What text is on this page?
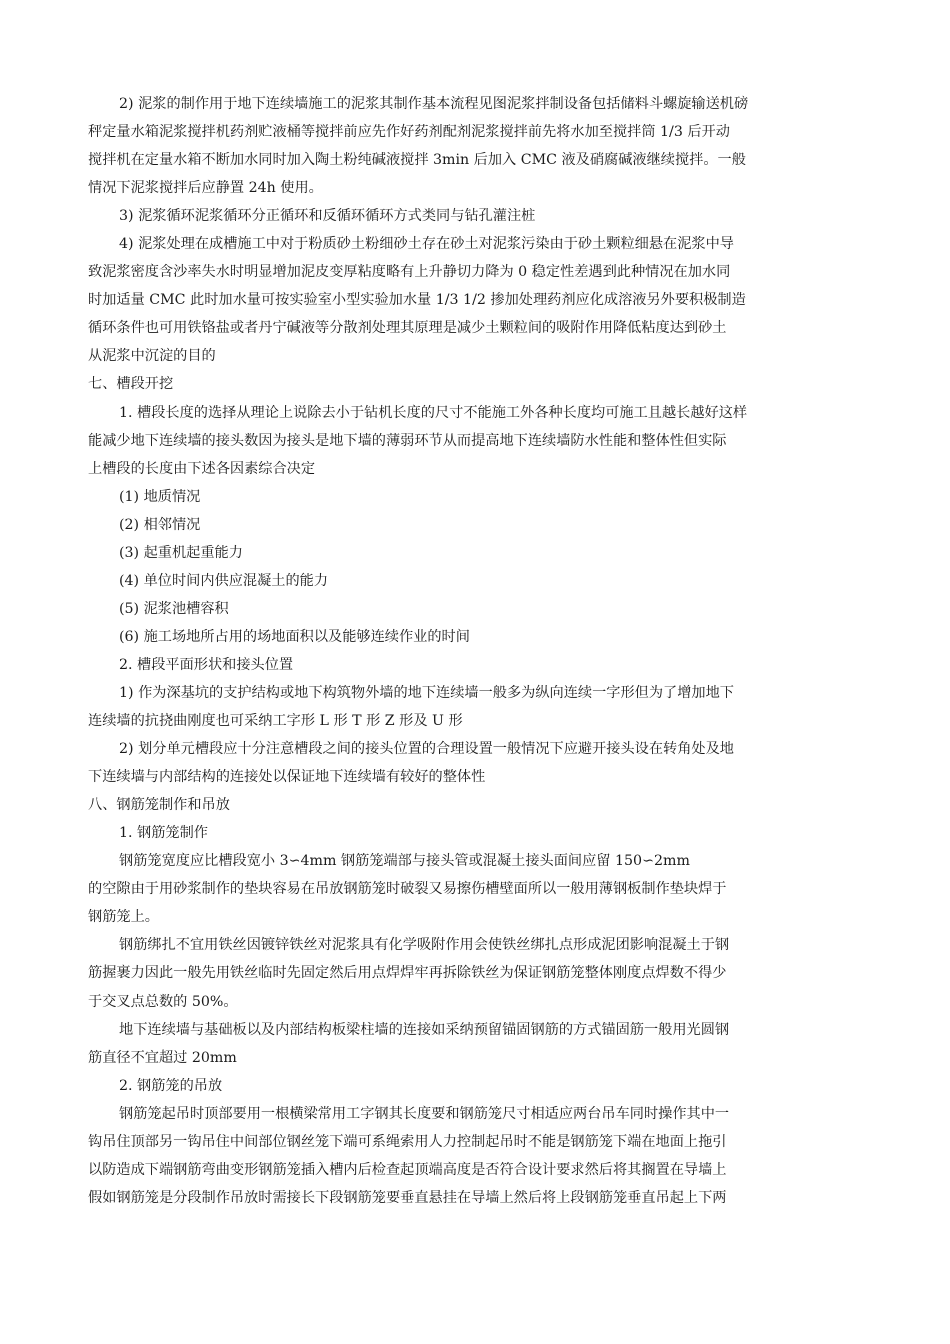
2) 泥浆的制作用于地下连续墙施工的泥浆其制作基本流程见图泥浆拌制设备包括储料斗螺旋输送机磅
秤定量水箱泥浆搅拌机药剂贮液桶等搅拌前应先作好药剂配剂泥浆搅拌前先将水加至搅拌筒 1/3 后开动
搅拌机在定量水箱不断加水同时加入陶土粉纯碱液搅拌 3min 后加入 CMC 液及硝腐碱液继续搅拌。一般
情况下泥浆搅拌后应静置 24h 使用。
3) 泥浆循环泥浆循环分正循环和反循环循环方式类同与钻孔灌注桩
4) 泥浆处理在成槽施工中对于粉质砂土粉细砂土存在砂土对泥浆污染由于砂土颗粒细悬在泥浆中导
致泥浆密度含沙率失水时明显增加泥皮变厚粘度略有上升静切力降为 0 稳定性差遇到此种情况在加水同
时加适量 CMC 此时加水量可按实验室小型实验加水量 1/3 1/2 掺加处理药剂应化成溶液另外要积极制造
循环条件也可用铁铬盐或者丹宁碱液等分散剂处理其原理是减少土颗粒间的吸附作用降低粘度达到砂土
从泥浆中沉淀的目的
七、槽段开挖
1. 槽段长度的选择从理论上说除去小于钻机长度的尺寸不能施工外各种长度均可施工且越长越好这样
能减少地下连续墙的接头数因为接头是地下墙的薄弱环节从而提高地下连续墙防水性能和整体性但实际
上槽段的长度由下述各因素综合决定
(1) 地质情况
(2) 相邻情况
(3) 起重机起重能力
(4) 单位时间内供应混凝土的能力
(5) 泥浆池槽容积
(6) 施工场地所占用的场地面积以及能够连续作业的时间
2. 槽段平面形状和接头位置
1) 作为深基坑的支护结构或地下构筑物外墙的地下连续墙一般多为纵向连续一字形但为了增加地下
连续墙的抗挠曲刚度也可采纳工字形 L 形 T 形 Z 形及 U 形
2) 划分单元槽段应十分注意槽段之间的接头位置的合理设置一般情况下应避开接头设在转角处及地
下连续墙与内部结构的连接处以保证地下连续墙有较好的整体性
八、钢筋笼制作和吊放
1. 钢筋笼制作
钢筋笼宽度应比槽段宽小 3∽4mm 钢筋笼端部与接头管或混凝土接头面间应留 150∽2mm
的空隙由于用砂浆制作的垫块容易在吊放钢筋笼时破裂又易擦伤槽壁面所以一般用薄钢板制作垫块焊于
钢筋笼上。
钢筋绑扎不宜用铁丝因镀锌铁丝对泥浆具有化学吸附作用会使铁丝绑扎点形成泥团影响混凝土于钢
筋握裹力因此一般先用铁丝临时先固定然后用点焊焊牢再拆除铁丝为保证钢筋笼整体刚度点焊数不得少
于交叉点总数的 50%。
地下连续墙与基础板以及内部结构板梁柱墙的连接如采纳预留锚固钢筋的方式锚固筋一般用光圆钢
筋直径不宜超过 20mm
2. 钢筋笼的吊放
钢筋笼起吊时顶部要用一根横梁常用工字钢其长度要和钢筋笼尺寸相适应两台吊车同时操作其中一
钩吊住顶部另一钩吊住中间部位钢丝笼下端可系绳索用人力控制起吊时不能是钢筋笼下端在地面上拖引
以防造成下端钢筋弯曲变形钢筋笼插入槽内后检查起顶端高度是否符合设计要求然后将其搁置在导墙上
假如钢筋笼是分段制作吊放时需接长下段钢筋笼要垂直悬挂在导墙上然后将上段钢筋笼垂直吊起上下两
